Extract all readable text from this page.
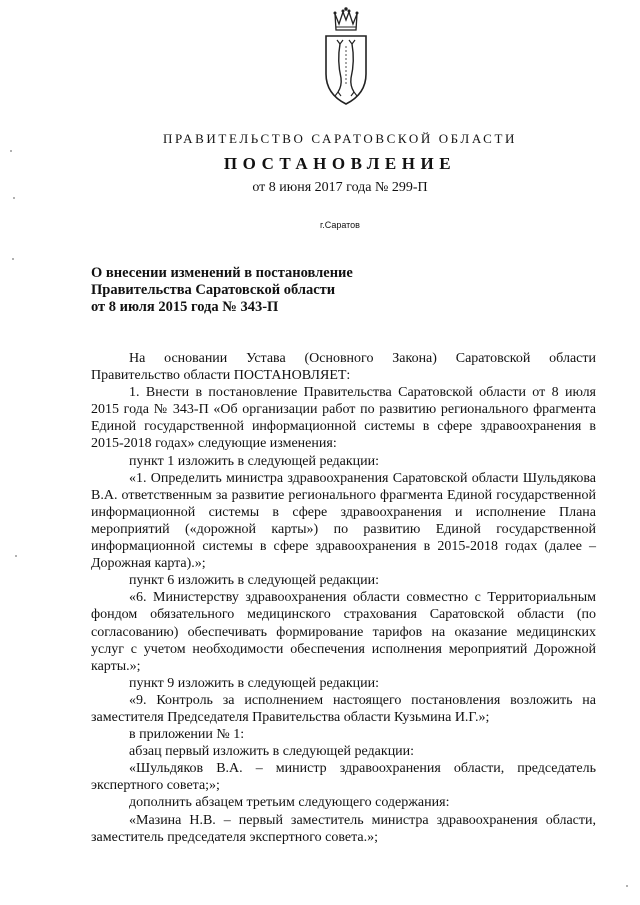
ПРАВИТЕЛЬСТВО САРАТОВСКОЙ ОБЛАСТИ
ПОСТАНОВЛЕНИЕ
от 8 июня 2017 года № 299-П
г.Саратов
О внесении изменений в постановление
Правительства Саратовской области
от 8 июля 2015 года № 343-П

На основании Устава (Основного Закона) Саратовской области Правительство области ПОСТАНОВЛЯЕТ:

1. Внести в постановление Правительства Саратовской области от 8 июля 2015 года № 343-П «Об организации работ по развитию регионального фрагмента Единой государственной информационной системы в сфере здравоохранения в 2015-2018 годах» следующие изменения:

пункт 1 изложить в следующей редакции:

«1. Определить министра здравоохранения Саратовской области Шульдякова В.А. ответственным за развитие регионального фрагмента Единой государственной информационной системы в сфере здравоохранения и исполнение Плана мероприятий («дорожной карты») по развитию Единой государственной информационной системы в сфере здравоохранения в 2015-2018 годах (далее – Дорожная карта).»;

пункт 6 изложить в следующей редакции:

«6. Министерству здравоохранения области совместно с Территориальным фондом обязательного медицинского страхования Саратовской области (по согласованию) обеспечивать формирование тарифов на оказание медицинских услуг с учетом необходимости обеспечения исполнения мероприятий Дорожной карты.»;

пункт 9 изложить в следующей редакции:

«9. Контроль за исполнением настоящего постановления возложить на заместителя Председателя Правительства области Кузьмина И.Г.»;

в приложении № 1:

абзац первый изложить в следующей редакции:

«Шульдяков В.А. – министр здравоохранения области, председатель экспертного совета;»;

дополнить абзацем третьим следующего содержания:

«Мазина Н.В. – первый заместитель министра здравоохранения области, заместитель председателя экспертного совета.»;
